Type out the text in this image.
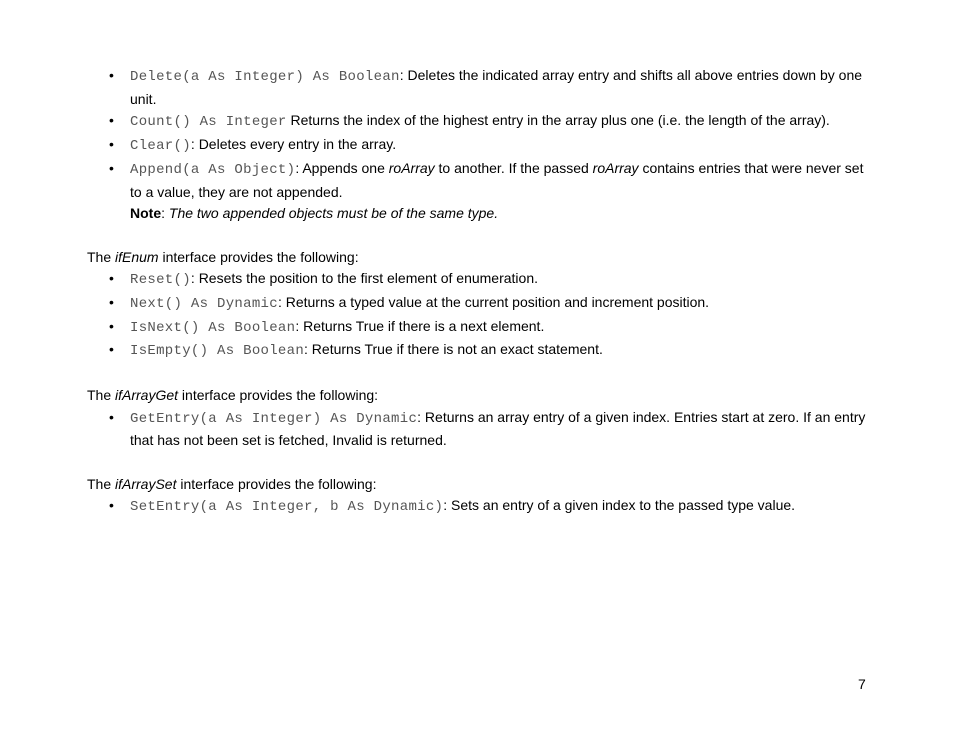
• Delete(a As Integer) As Boolean: Deletes the indicated array entry and shifts all above entries down by one unit.
• Count() As Integer Returns the index of the highest entry in the array plus one (i.e. the length of the array).
• Clear(): Deletes every entry in the array.
• Append(a As Object): Appends one roArray to another. If the passed roArray contains entries that were never set to a value, they are not appended.

Note: The two appended objects must be of the same type.

The ifEnum interface provides the following:

• Reset(): Resets the position to the first element of enumeration.
• Next() As Dynamic: Returns a typed value at the current position and increment position.
• IsNext() As Boolean: Returns True if there is a next element.
• IsEmpty() As Boolean: Returns True if there is not an exact statement.

The ifArrayGet interface provides the following:

• GetEntry(a As Integer) As Dynamic: Returns an array entry of a given index. Entries start at zero. If an entry that has not been set is fetched, Invalid is returned.

The ifArraySet interface provides the following:

• SetEntry(a As Integer, b As Dynamic): Sets an entry of a given index to the passed type value.
7
